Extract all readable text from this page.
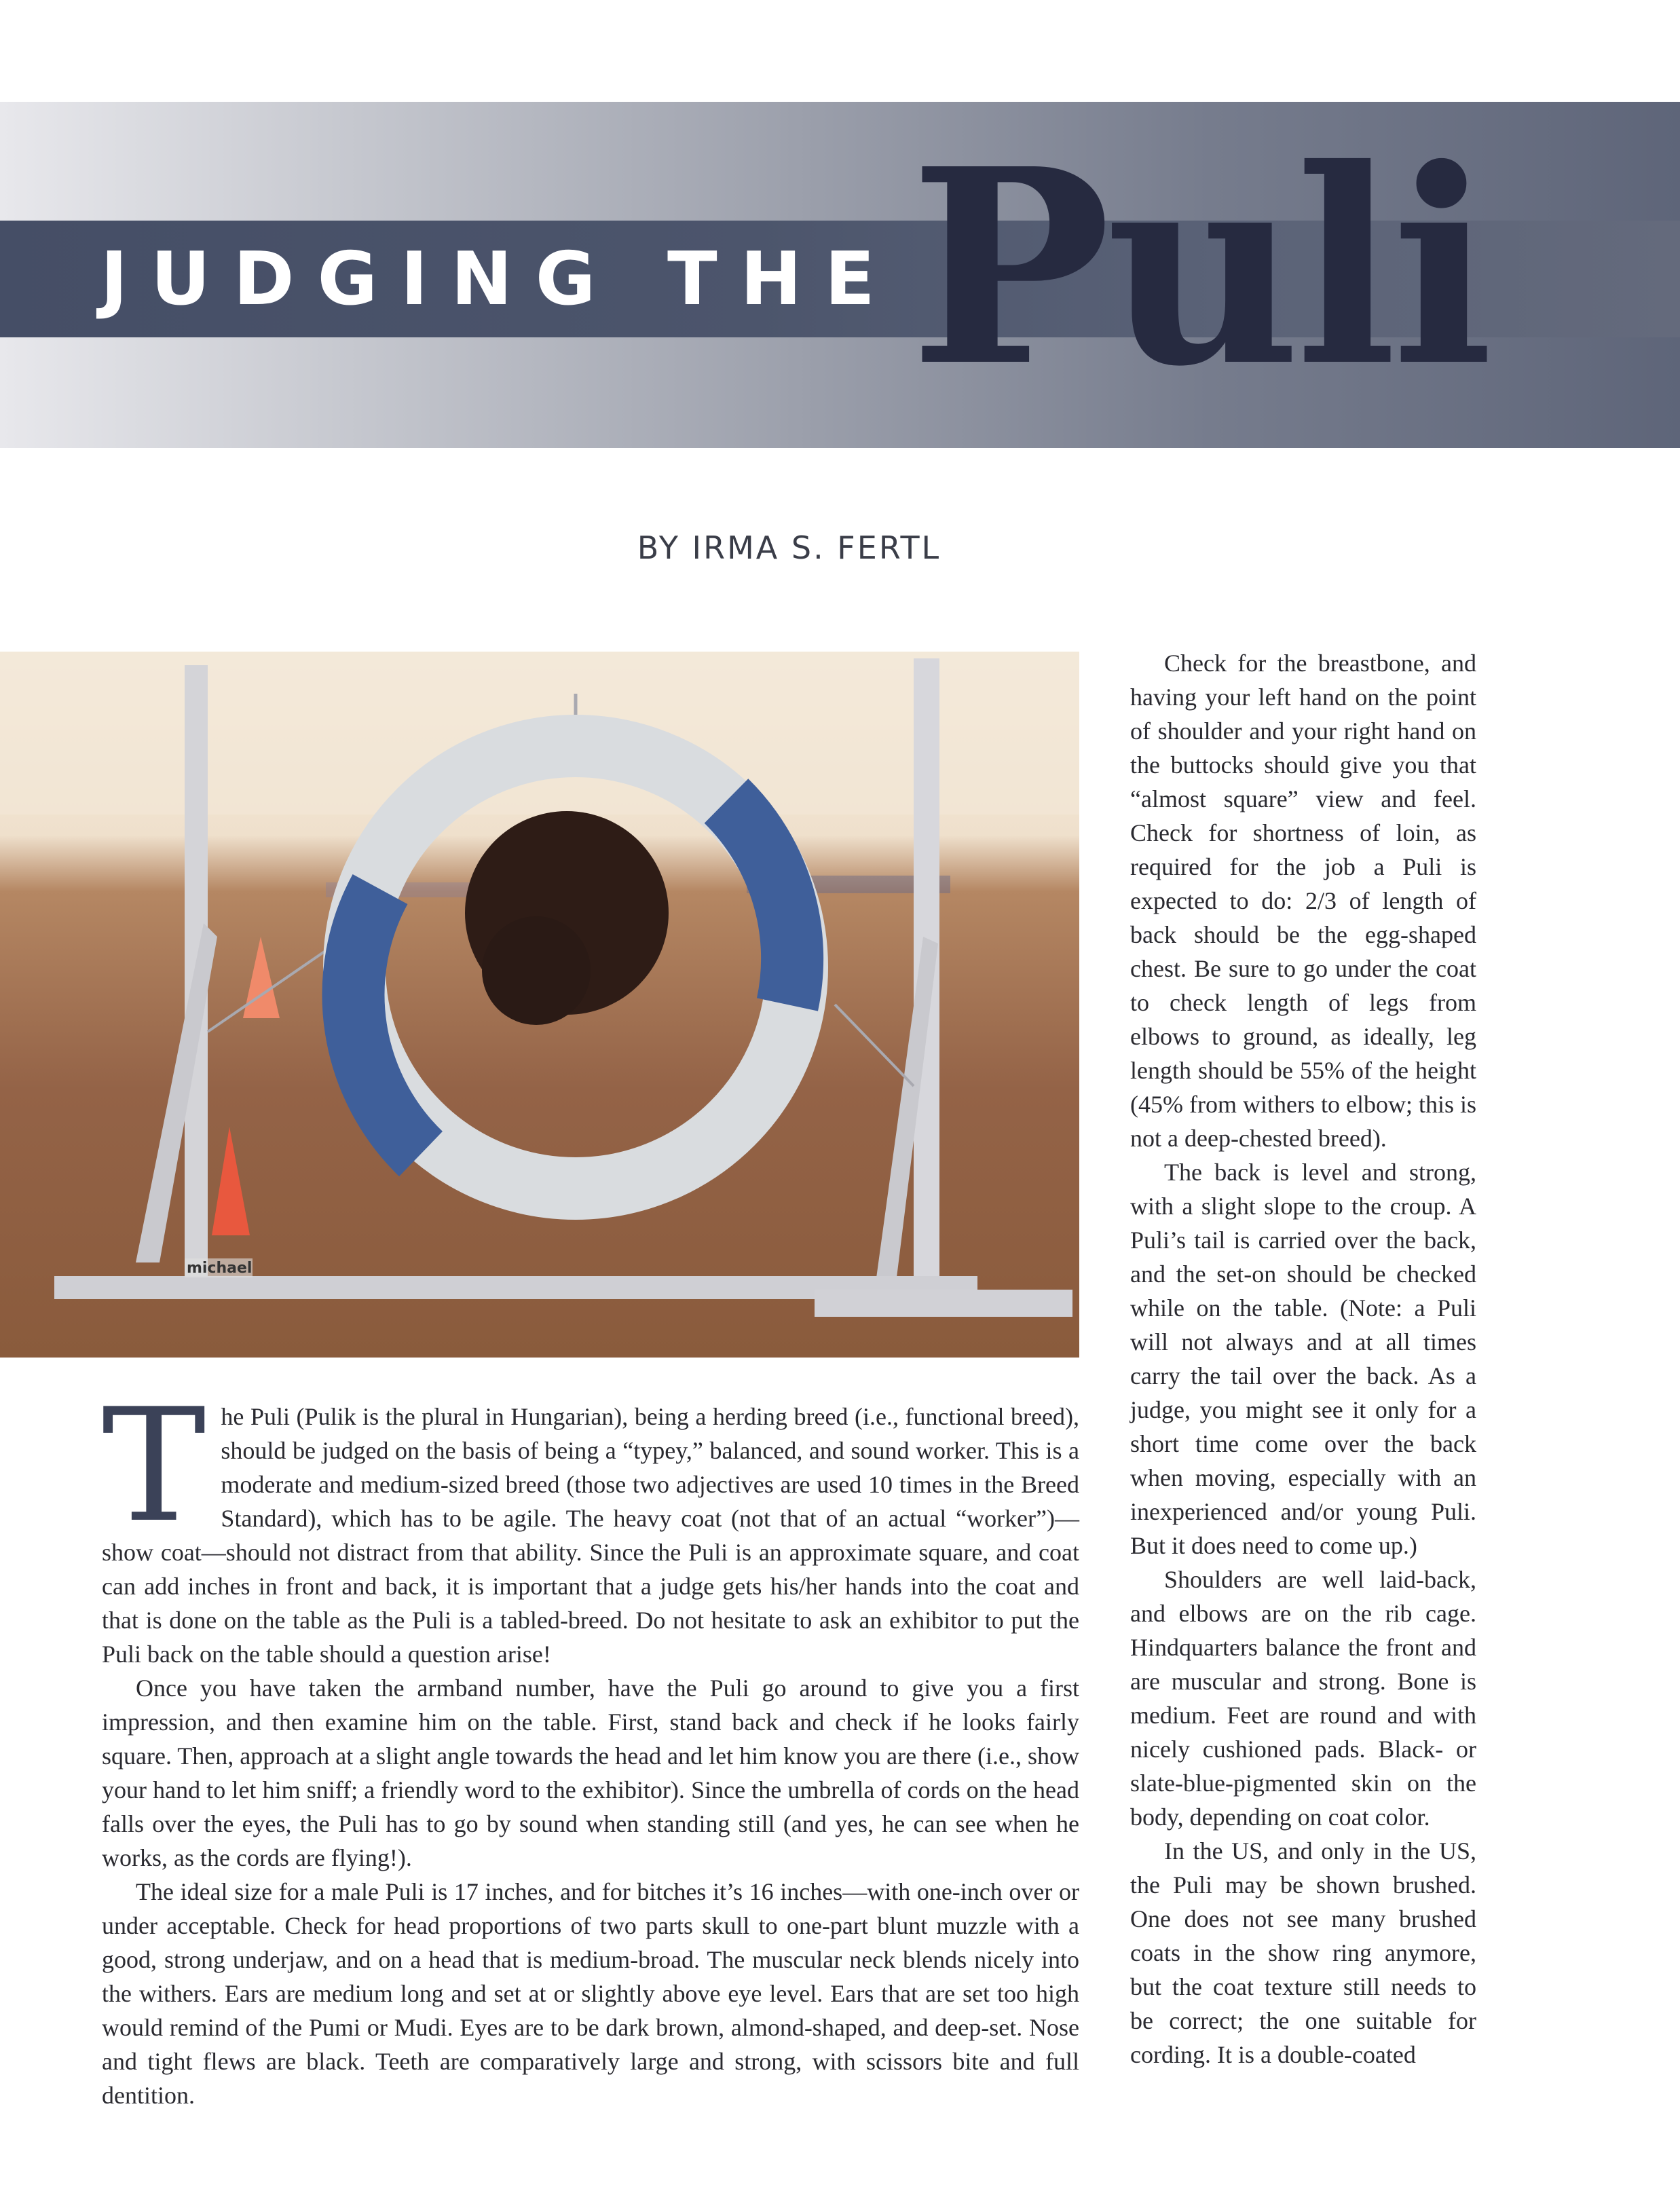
JUDGING THE Puli
BY IRMA S. FERTL
michael

The Puli (Pulik is the plural in Hungarian), being a herding breed (i.e., functional breed), should be judged on the basis of being a “typey,” balanced, and sound worker. This is a moderate and medium-sized breed (those two adjectives are used 10 times in the Breed Standard), which has to be agile. The heavy coat (not that of an actual “worker”)—show coat—should not distract from that ability. Since the Puli is an approximate square, and coat can add inches in front and back, it is important that a judge gets his/her hands into the coat and that is done on the table as the Puli is a tabled-breed. Do not hesitate to ask an exhibitor to put the Puli back on the table should a question arise!

Once you have taken the armband number, have the Puli go around to give you a first impression, and then examine him on the table. First, stand back and check if he looks fairly square. Then, approach at a slight angle towards the head and let him know you are there (i.e., show your hand to let him sniff; a friendly word to the exhibitor). Since the umbrella of cords on the head falls over the eyes, the Puli has to go by sound when standing still (and yes, he can see when he works, as the cords are flying!).

The ideal size for a male Puli is 17 inches, and for bitches it’s 16 inches—with one-inch over or under acceptable. Check for head proportions of two parts skull to one-part blunt muzzle with a good, strong underjaw, and on a head that is medium-broad. The muscular neck blends nicely into the withers. Ears are medium long and set at or slightly above eye level. Ears that are set too high would remind of the Pumi or Mudi. Eyes are to be dark brown, almond-shaped, and deep-set. Nose and tight flews are black. Teeth are comparatively large and strong, with scissors bite and full dentition.

Check for the breastbone, and having your left hand on the point of shoulder and your right hand on the buttocks should give you that “almost square” view and feel. Check for shortness of loin, as required for the job a Puli is expected to do: 2/3 of length of back should be the egg-shaped chest. Be sure to go under the coat to check length of legs from elbows to ground, as ideally, leg length should be 55% of the height (45% from withers to elbow; this is not a deep-chested breed).

The back is level and strong, with a slight slope to the croup. A Puli’s tail is carried over the back, and the set-on should be checked while on the table. (Note: a Puli will not always and at all times carry the tail over the back. As a judge, you might see it only for a short time come over the back when moving, especially with an inexperienced and/or young Puli. But it does need to come up.)

Shoulders are well laid-back, and elbows are on the rib cage. Hindquarters balance the front and are muscular and strong. Bone is medium. Feet are round and with nicely cushioned pads. Black- or slate-blue-pigmented skin on the body, depending on coat color.

In the US, and only in the US, the Puli may be shown brushed. One does not see many brushed coats in the show ring anymore, but the coat texture still needs to be correct; the one suitable for cording. It is a double-coated
